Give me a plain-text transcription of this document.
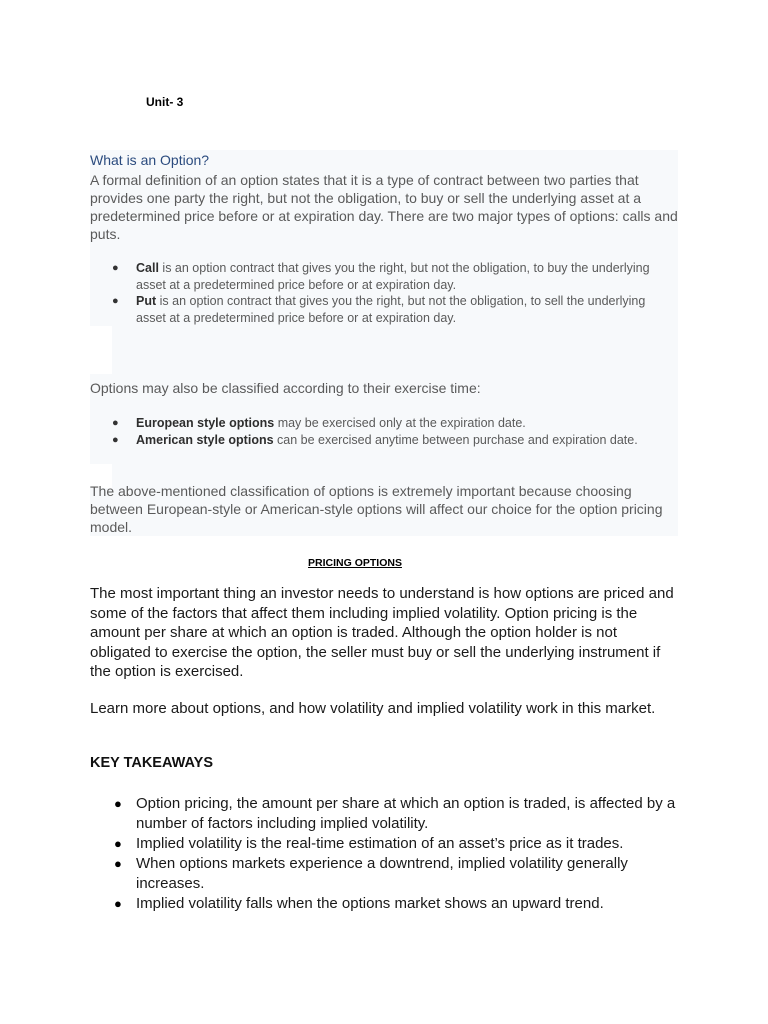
Unit- 3
What is an Option?
A formal definition of an option states that it is a type of contract between two parties that provides one party the right, but not the obligation, to buy or sell the underlying asset at a predetermined price before or at expiration day. There are two major types of options: calls and puts.
● Call is an option contract that gives you the right, but not the obligation, to buy the underlying asset at a predetermined price before or at expiration day.
● Put is an option contract that gives you the right, but not the obligation, to sell the underlying asset at a predetermined price before or at expiration day.
Options may also be classified according to their exercise time:
● European style options may be exercised only at the expiration date.
● American style options can be exercised anytime between purchase and expiration date.
The above-mentioned classification of options is extremely important because choosing between European-style or American-style options will affect our choice for the option pricing model.
PRICING OPTIONS
The most important thing an investor needs to understand is how options are priced and some of the factors that affect them including implied volatility. Option pricing is the amount per share at which an option is traded. Although the option holder is not obligated to exercise the option, the seller must buy or sell the underlying instrument if the option is exercised.
Learn more about options, and how volatility and implied volatility work in this market.
KEY TAKEAWAYS
● Option pricing, the amount per share at which an option is traded, is affected by a number of factors including implied volatility.
● Implied volatility is the real-time estimation of an asset’s price as it trades.
● When options markets experience a downtrend, implied volatility generally increases.
● Implied volatility falls when the options market shows an upward trend.
